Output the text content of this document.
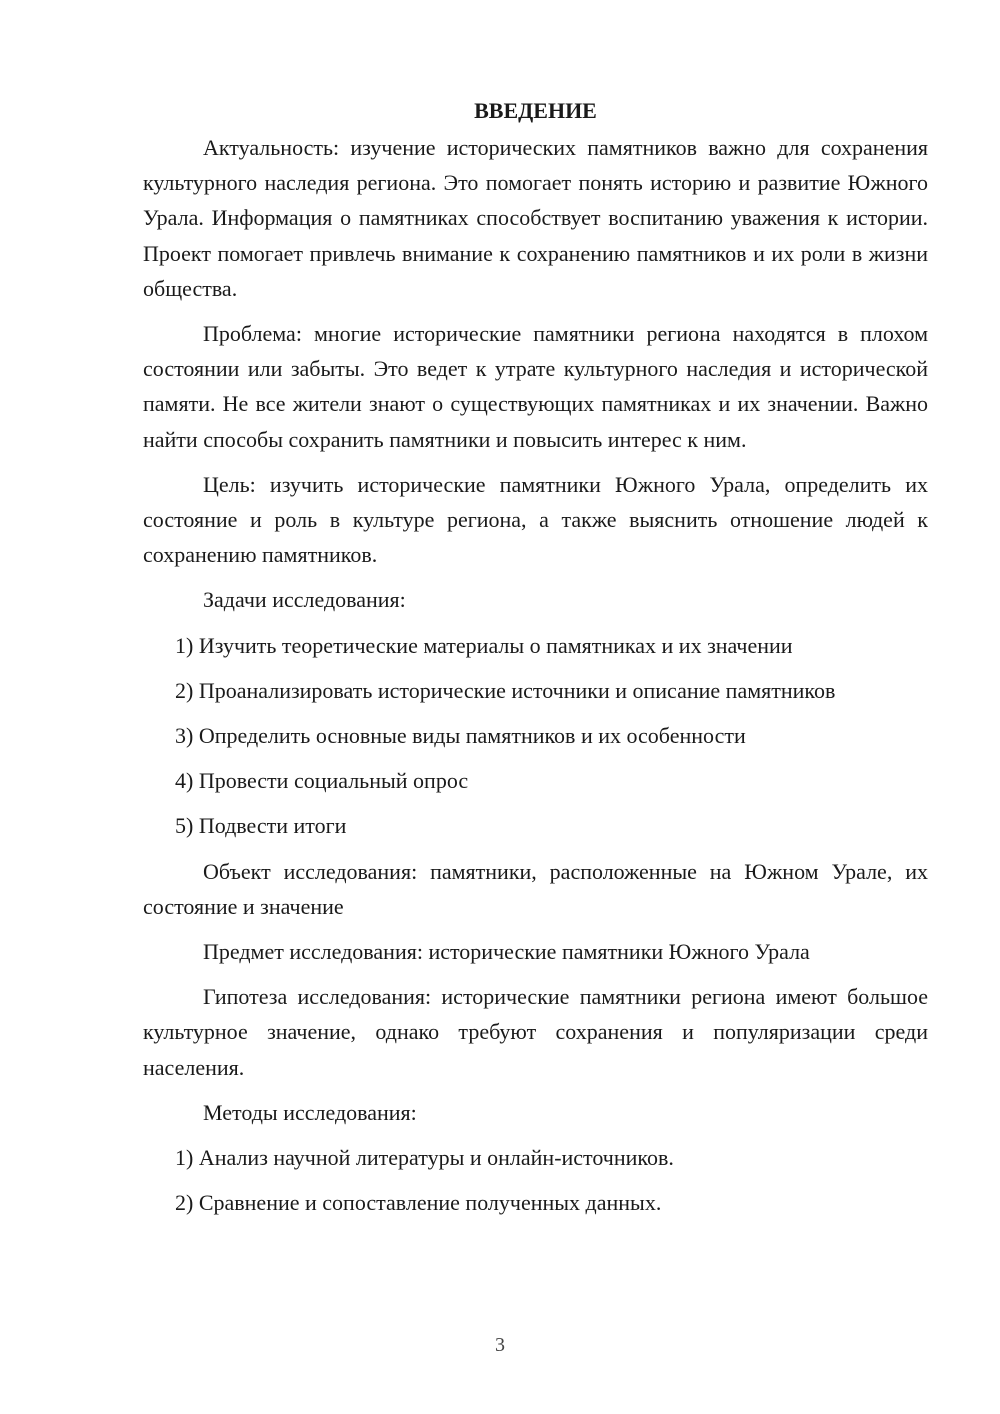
ВВЕДЕНИЕ

Актуальность: изучение исторических памятников важно для сохранения культурного наследия региона. Это помогает понять историю и развитие Южного Урала. Информация о памятниках способствует воспитанию уважения к истории. Проект помогает привлечь внимание к сохранению памятников и их роли в жизни общества.

Проблема: многие исторические памятники региона находятся в плохом состоянии или забыты. Это ведет к утрате культурного наследия и исторической памяти. Не все жители знают о существующих памятниках и их значении. Важно найти способы сохранить памятники и повысить интерес к ним.

Цель: изучить исторические памятники Южного Урала, определить их состояние и роль в культуре региона, а также выяснить отношение людей к сохранению памятников.

Задачи исследования:

1) Изучить теоретические материалы о памятниках и их значении

2) Проанализировать исторические источники и описание памятников

3) Определить основные виды памятников и их особенности

4) Провести социальный опрос

5) Подвести итоги

Объект исследования: памятники, расположенные на Южном Урале, их состояние и значение

Предмет исследования: исторические памятники Южного Урала

Гипотеза исследования: исторические памятники региона имеют большое культурное значение, однако требуют сохранения и популяризации среди населения.

Методы исследования:

1) Анализ научной литературы и онлайн-источников.

2) Сравнение и сопоставление полученных данных.

3
